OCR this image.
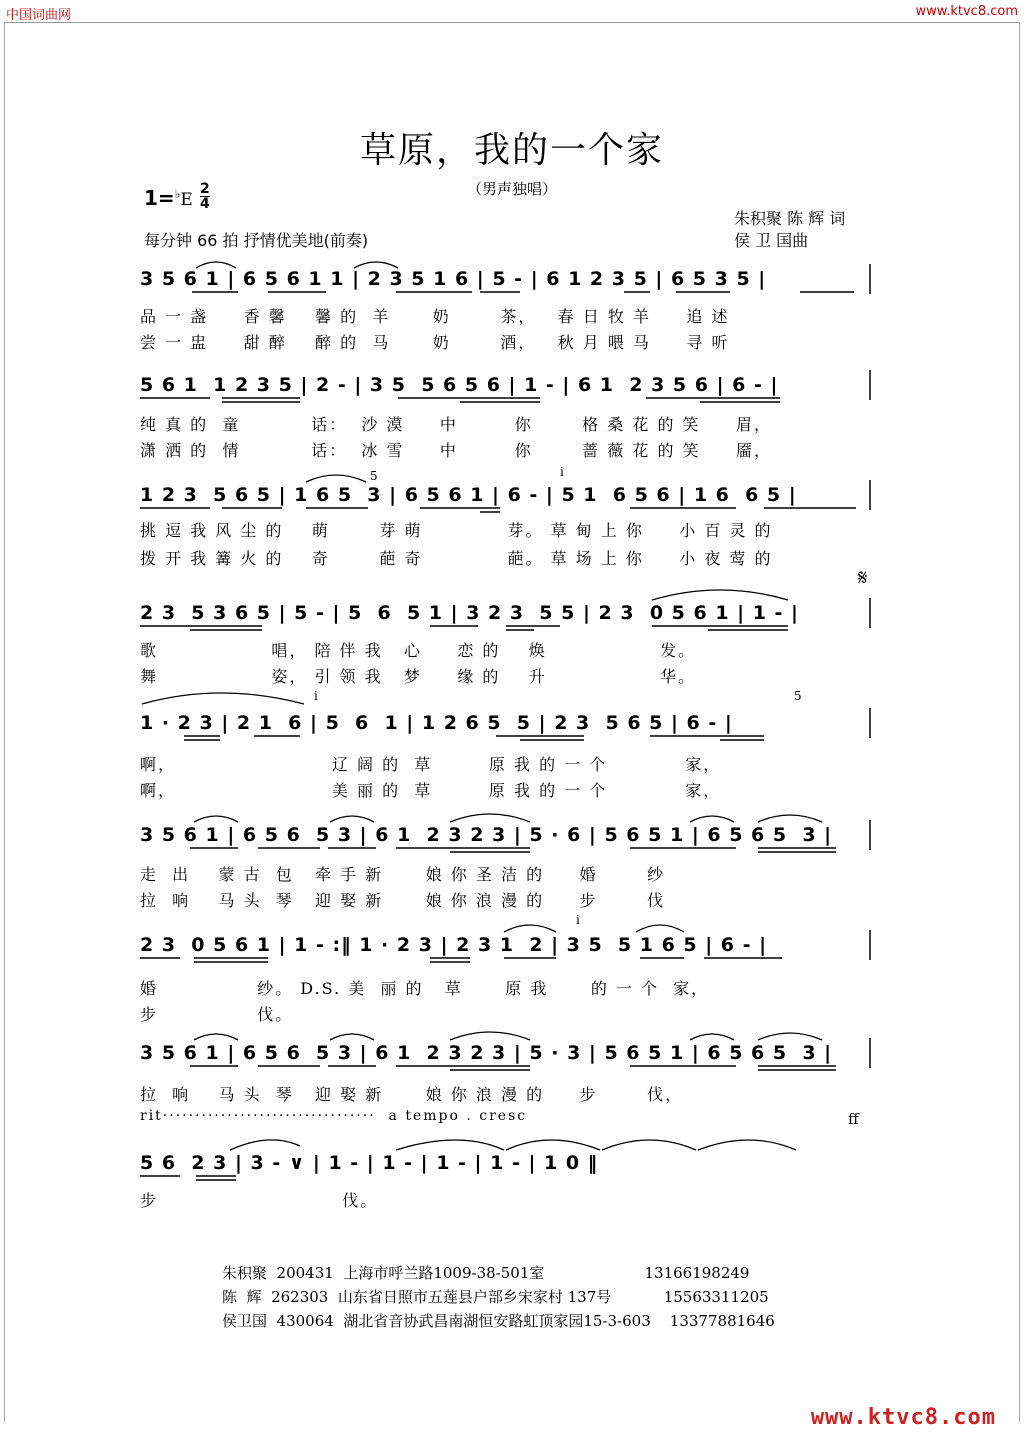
中国词曲网	www.ktvc8.com
草原，我的一个家
（男声独唱）
$1=^♭E \frac{2}{4}$
每分钟 66 拍 抒情优美地(前奏)
朱积聚 陈 辉 词
侯 卫 国曲
3 5 6 1 | 6 5 6 1 1 | 2 3 5 1 6 | 5 - | 6 1 2 3 5 | 6 5 3 5 |
品 一 盏     香 馨    馨 的  羊      奶       茶，   春 日 牧 羊     追 述
尝 一 盅     甜 醉    醉 的  马      奶       酒，   秋 月 喂 马     寻 听
5 6 1  1 2 3 5 | 2 - | 3 5  5 6 5 6 | 1 - | 6 1  2 3 5 6 | 6 - |
纯 真 的  童          话：  沙 漠     中        你       格 桑 花 的 笑     眉，
潇 洒 的  情          话：  冰 雪     中        你       蔷 薇 花 的 笑     靥，
5	i
1 2 3  5 6 5 | 1 6 5  3 | 6 5 6 1 | 6 - | 5 1  6 5 6 | 1 6  6 5 |
挑 逗 我 风 尘 的    萌       芽 萌            芽。 草 甸 上 你     小 百 灵 的
拨 开 我 篝 火 的    奇       葩 奇            葩。 草 场 上 你     小 夜 莺 的
2 3  5 3 6 5 | 5 - | 5  6  5 1 | 3 2 3  5 5 | 2 3  0 5 6 1 | 1 - |
𝄋
歌                唱， 陪 伴 我   心     恋 的    焕                发。
舞                姿， 引 领 我   梦     缘 的    升                华。
i	5
1 · 2 3 | 2 1  6 | 5  6  1 | 1 2 6 5  5 | 2 3  5 6 5 | 6 - |
啊，                      辽 阔 的  草        原 我 的 一 个           家，
啊，                      美 丽 的  草        原 我 的 一 个           家，
3 5 6 1 | 6 5 6  5 3 | 6 1  2 3 2 3 | 5 · 6 | 5 6 5 1 | 6 5 6 5  3 |
走  出    蒙 古  包   牵 手 新      娘 你 圣 洁 的     婚       纱
拉  响    马 头  琴   迎 娶 新      娘 你 浪 漫 的     步       伐
i
2 3  0 5 6 1 | 1 - :‖ 1 · 2 3 | 2 3 1  2 | 3 5  5 1 6 5 | 6 - |
婚              纱。 D.S. 美  丽 的   草      原 我      的 一 个  家，
步              伐。
3 5 6 1 | 6 5 6  5 3 | 6 1  2 3 2 3 | 5 · 3 | 5 6 5 1 | 6 5 6 5  3 |
拉  响    马 头  琴   迎 娶 新      娘 你 浪 漫 的     步       伐，
rit·································  a tempo . cresc	ff
5 6  2 3 | 3 - ∨ | 1 - | 1 - | 1 - | 1 - | 1 0 ‖
步                          伐。
朱积聚  200431  上海市呼兰路1009-38-501室                     13166198249
陈  辉  262303  山东省日照市五莲县户部乡宋家村 137号           15563311205
侯卫国  430064  湖北省音协武昌南湖恒安路虹顶家园15-3-603    13377881646
www.ktvc8.com
